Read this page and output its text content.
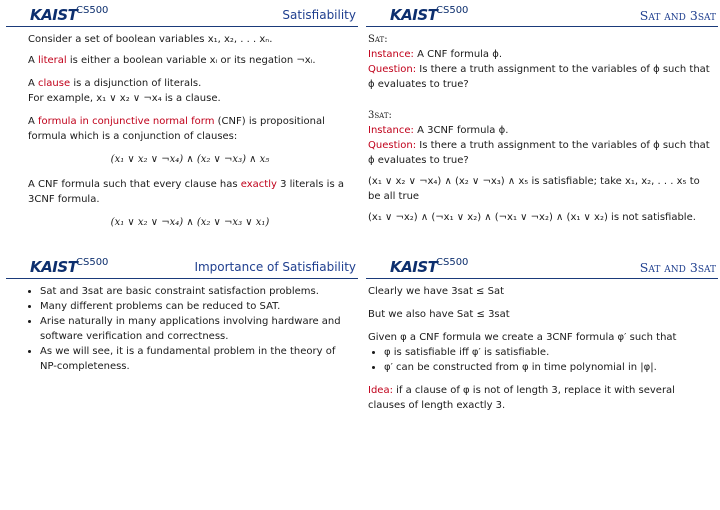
KAIST
CS500	Satisfiability

Consider a set of boolean variables x₁, x₂, . . . xₙ.

A literal is either a boolean variable xᵢ or its negation ¬xᵢ.

A clause is a disjunction of literals.

For example, x₁ ∨ x₂ ∨ ¬x₄ is a clause.

A formula in conjunctive normal form (CNF) is propositional formula which is a conjunction of clauses:

(x₁ ∨ x₂ ∨ ¬x₄) ∧ (x₂ ∨ ¬x₃) ∧ x₅

A CNF formula such that every clause has exactly 3 literals is a 3CNF formula.

(x₁ ∨ x₂ ∨ ¬x₄) ∧ (x₂ ∨ ¬x₃ ∨ x₁)
KAIST
CS500	Sat and 3sat
Sat:
Instance: A CNF formula ϕ.
Question: Is there a truth assignment to the variables of ϕ such that ϕ evaluates to true?
3sat:
Instance: A 3CNF formula ϕ.
Question: Is there a truth assignment to the variables of ϕ such that ϕ evaluates to true?
(x₁ ∨ x₂ ∨ ¬x₄) ∧ (x₂ ∨ ¬x₃) ∧ x₅ is satisfiable; take x₁, x₂, . . . x₅ to be all true
(x₁ ∨ ¬x₂) ∧ (¬x₁ ∨ x₂) ∧ (¬x₁ ∨ ¬x₂) ∧ (x₁ ∨ x₂) is not satisfiable.
KAIST
CS500	Importance of Satisfiability
• Sat and 3sat are basic constraint satisfaction problems.
• Many different problems can be reduced to SAT.
• Arise naturally in many applications involving hardware and software verification and correctness.
• As we will see, it is a fundamental problem in the theory of NP-completeness.
KAIST
CS500	Sat and 3sat
Clearly we have 3sat ≤ Sat
But we also have Sat ≤ 3sat
Given φ a CNF formula we create a 3CNF formula φ′ such that
• φ is satisfiable iff φ′ is satisfiable.
• φ′ can be constructed from φ in time polynomial in |φ|.
Idea: if a clause of φ is not of length 3, replace it with several clauses of length exactly 3.
